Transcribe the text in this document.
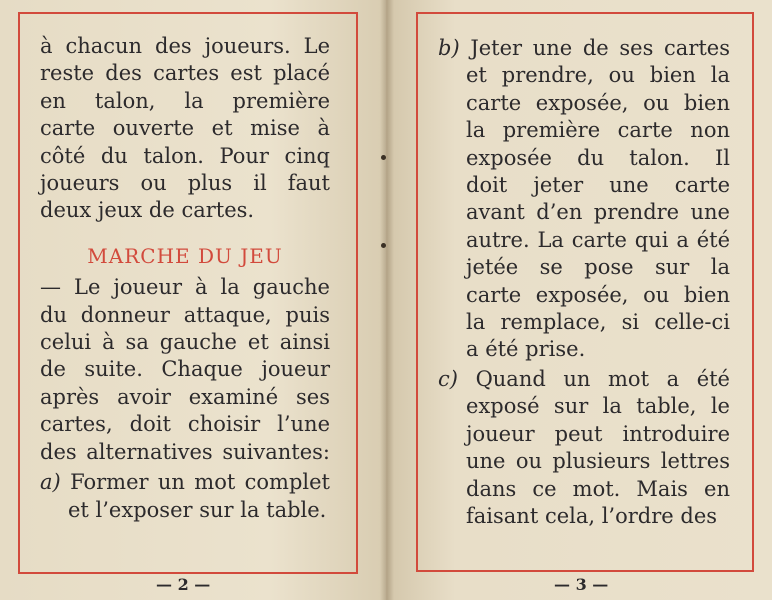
à chacun des joueurs. Le
reste des cartes est placé
en talon, la première
carte ouverte et mise à
côté du talon. Pour cinq
joueurs ou plus il faut
deux jeux de cartes.
MARCHE DU JEU
— Le joueur à la gauche
du donneur attaque, puis
celui à sa gauche et ainsi
de suite. Chaque joueur
après avoir examiné ses
cartes, doit choisir l’une
des alternatives suivantes:
a) Former un mot complet
et l’exposer sur la table.
b) Jeter une de ses cartes
et prendre, ou bien la
carte exposée, ou bien
la première carte non
exposée du talon. Il
doit jeter une carte
avant d’en prendre une
autre. La carte qui a été
jetée se pose sur la
carte exposée, ou bien
la remplace, si celle-ci
a été prise.
c) Quand un mot a été
exposé sur la table, le
joueur peut introduire
une ou plusieurs lettres
dans ce mot. Mais en
faisant cela, l’ordre des
— 2 —	— 3 —
